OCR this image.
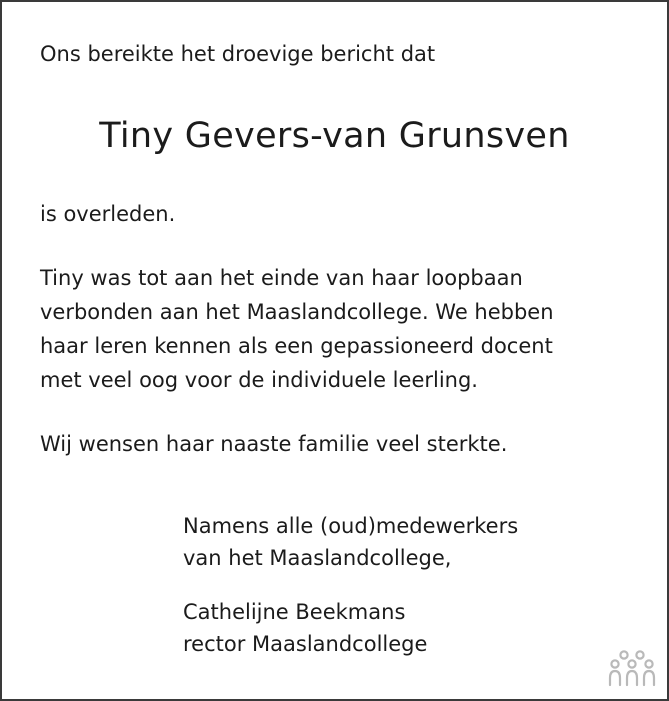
Ons bereikte het droevige bericht dat

Tiny Gevers-van Grunsven

is overleden.

Tiny was tot aan het einde van haar loopbaan
verbonden aan het Maaslandcollege. We hebben
haar leren kennen als een gepassioneerd docent
met veel oog voor de individuele leerling.

Wij wensen haar naaste familie veel sterkte.

Namens alle (oud)medewerkers
van het Maaslandcollege,
Cathelijne Beekmans
rector Maaslandcollege
